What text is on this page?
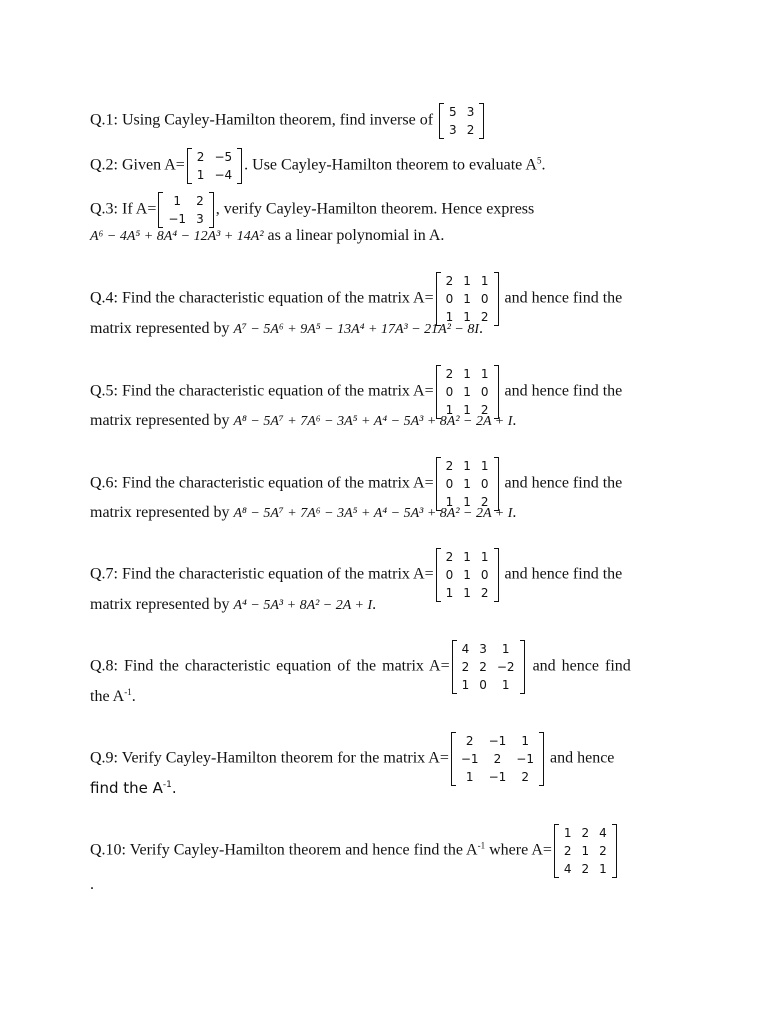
Q.1: Using Cayley-Hamilton theorem, find inverse of 5	3
3	2
Q.2: Given A= 2	−5
1	−4
. Use Cayley-Hamilton theorem to evaluate $A^5$.
Q.3: If A= 1	2
−1	3
, verify Cayley-Hamilton theorem. Hence express
A⁶ − 4A⁵ + 8A⁴ − 12A³ + 14A² as a linear polynomial in A.
Q.4: Find the characteristic equation of the matrix A=
2	1	1
0	1	0
1	1	2
and hence find the
matrix represented by A⁷ − 5A⁶ + 9A⁵ − 13A⁴ + 17A³ − 21A² − 8I.
Q.5: Find the characteristic equation of the matrix A=
2	1	1
0	1	0
1	1	2
and hence find the
matrix represented by A⁸ − 5A⁷ + 7A⁶ − 3A⁵ + A⁴ − 5A³ + 8A² − 2A + I.
Q.6: Find the characteristic equation of the matrix A=
2	1	1
0	1	0
1	1	2
and hence find the
matrix represented by A⁸ − 5A⁷ + 7A⁶ − 3A⁵ + A⁴ − 5A³ + 8A² − 2A + I.
Q.7: Find the characteristic equation of the matrix A=
2	1	1
0	1	0
1	1	2
and hence find the
matrix represented by A⁴ − 5A³ + 8A² − 2A + I.
Q.8: Find the characteristic equation of the matrix A=
4	3	1
2	2	−2
1	0	1
and hence find
the $A^{-1}$.
Q.9: Verify Cayley-Hamilton theorem for the matrix A=
2	−1	1
−1	2	−1
1	−1	2
and hence
find the $A^{-1}$.
Q.10: Verify Cayley-Hamilton theorem and hence find the $A^{-1}$ where A=
1	2	4
2	1	2
4	2	1
.
